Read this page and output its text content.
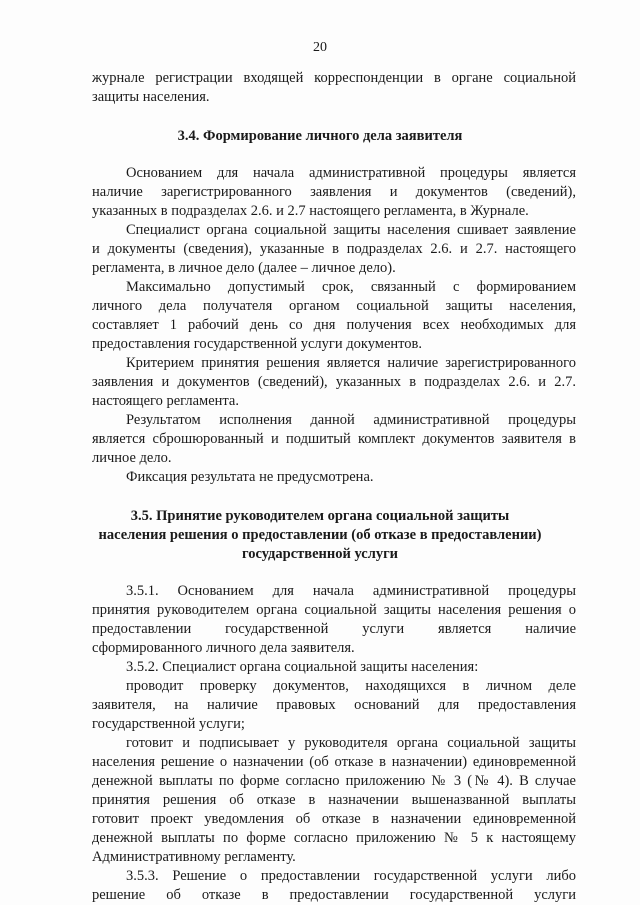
20
журнале регистрации входящей корреспонденции в органе социальной
защиты населения.
3.4. Формирование личного дела заявителя
Основанием для начала административной процедуры является
наличие зарегистрированного заявления и документов (сведений),
указанных в подразделах 2.6. и 2.7 настоящего регламента, в Журнале.
Специалист органа социальной защиты населения сшивает заявление
и документы (сведения), указанные в подразделах 2.6. и 2.7. настоящего
регламента, в личное дело (далее – личное дело).
Максимально допустимый срок, связанный с формированием
личного дела получателя органом социальной защиты населения,
составляет 1 рабочий день со дня получения всех необходимых для
предоставления государственной услуги документов.
Критерием принятия решения является наличие зарегистрированного
заявления и документов (сведений), указанных в подразделах 2.6. и 2.7.
настоящего регламента.
Результатом исполнения данной административной процедуры
является сброшюрованный и подшитый комплект документов заявителя в
личное дело.
Фиксация результата не предусмотрена.
3.5. Принятие руководителем органа социальной защиты
населения решения о предоставлении (об отказе в предоставлении)
государственной услуги
3.5.1. Основанием для начала административной процедуры
принятия руководителем органа социальной защиты населения решения о
предоставлении государственной услуги является наличие
сформированного личного дела заявителя.
3.5.2. Специалист органа социальной защиты населения:
проводит проверку документов, находящихся в личном деле
заявителя, на наличие правовых оснований для предоставления
государственной услуги;
готовит и подписывает у руководителя органа социальной защиты
населения решение о назначении (об отказе в назначении) единовременной
денежной выплаты по форме согласно приложению № 3 (№ 4). В случае
принятия решения об отказе в назначении вышеназванной выплаты
готовит проект уведомления об отказе в назначении единовременной
денежной выплаты по форме согласно приложению № 5 к настоящему
Административному регламенту.
3.5.3. Решение о предоставлении государственной услуги либо
решение об отказе в предоставлении государственной услуги
